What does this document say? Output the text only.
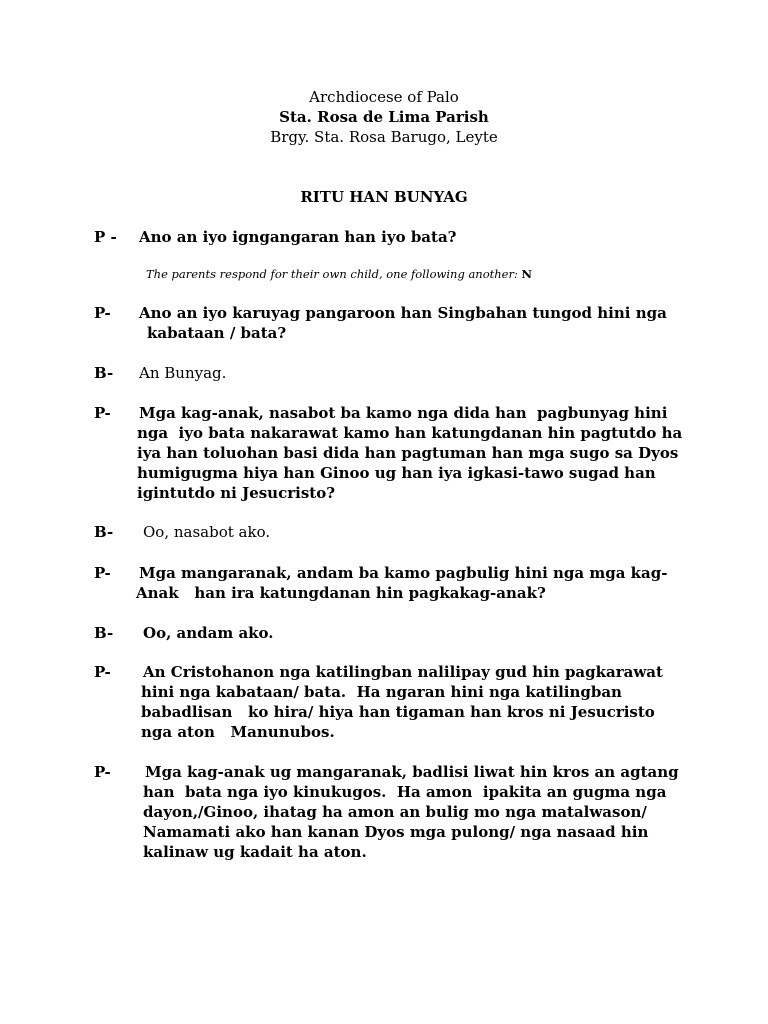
Archdiocese of Palo
Sta. Rosa de Lima Parish
Brgy. Sta. Rosa Barugo, Leyte
RITU HAN BUNYAG
P - Ano an iyo igngangaran han iyo bata?
The parents respond for their own child, one following another: N
P- Ano an iyo karuyag pangaroon han Singbahan tungod hini nga
kabataan / bata?
B- An Bunyag.
P- Mga kag-anak, nasabot ba kamo nga dida han  pagbunyag hini
nga  iyo bata nakarawat kamo han katungdanan hin pagtutdo ha
iya han toluohan basi dida han pagtuman han mga sugo sa Dyos
humigugma hiya han Ginoo ug han iya igkasi-tawo sugad han
igintutdo ni Jesucristo?
B- Oo, nasabot ako.
P- Mga mangaranak, andam ba kamo pagbulig hini nga mga kag-
Anak   han ira katungdanan hin pagkakag-anak?
B- Oo, andam ako.
P- An Cristohanon nga katilingban nalilipay gud hin pagkarawat
hini nga kabataan/ bata.  Ha ngaran hini nga katilingban
babadlisan   ko hira/ hiya han tigaman han kros ni Jesucristo
nga aton   Manunubos.
P- Mga kag-anak ug mangaranak, badlisi liwat hin kros an agtang
han  bata nga iyo kinukugos.  Ha amon  ipakita an gugma nga
dayon,/Ginoo, ihatag ha amon an bulig mo nga matalwason/
Namamati ako han kanan Dyos mga pulong/ nga nasaad hin
kalinaw ug kadait ha aton.
